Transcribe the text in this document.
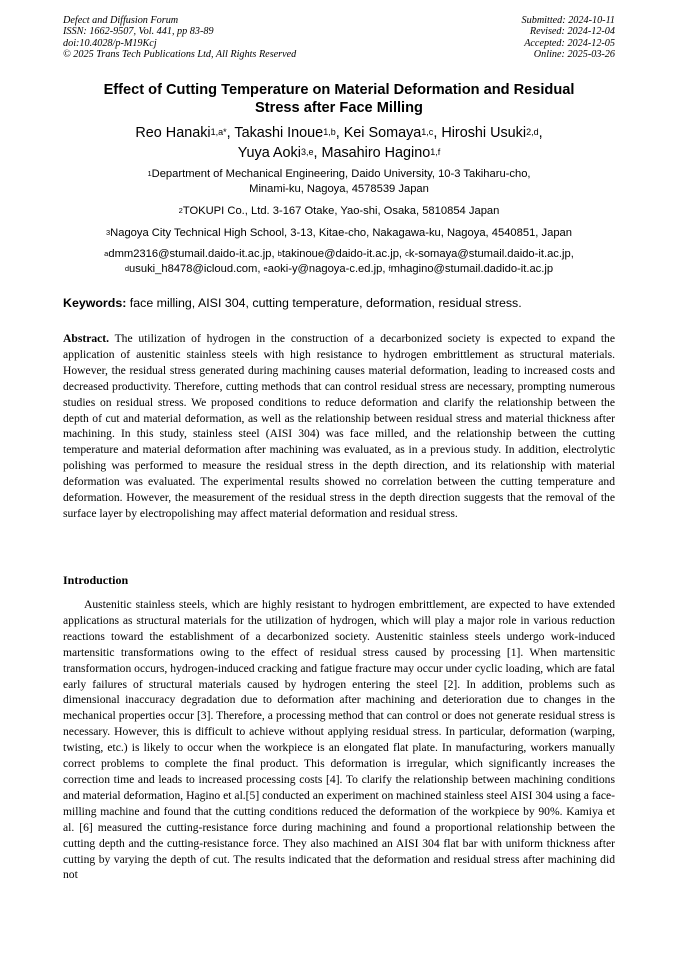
Defect and Diffusion Forum
ISSN: 1662-9507, Vol. 441, pp 83-89
doi:10.4028/p-M19Kcj
© 2025 Trans Tech Publications Ltd, All Rights Reserved
Submitted: 2024-10-11
Revised: 2024-12-04
Accepted: 2024-12-05
Online: 2025-03-26
Effect of Cutting Temperature on Material Deformation and Residual
Stress after Face Milling
Reo Hanaki$^{1,a*}$, Takashi Inoue$^{1,b}$, Kei Somaya$^{1,c}$, Hiroshi Usuki$^{2,d}$,
Yuya Aoki$^{3,e}$, Masahiro Hagino$^{1,f}$
$^1$Department of Mechanical Engineering, Daido University, 10-3 Takiharu-cho,
Minami-ku, Nagoya, 4578539 Japan
$^2$TOKUPI Co., Ltd. 3-167 Otake, Yao-shi, Osaka, 5810854 Japan
$^3$Nagoya City Technical High School, 3-13, Kitae-cho, Nakagawa-ku, Nagoya, 4540851, Japan
$^a$dmm2316@stumail.daido-it.ac.jp, $^b$takinoue@daido-it.ac.jp, $^c$k-somaya@stumail.daido-it.ac.jp,
$^d$usuki_h8478@icloud.com, $^e$aoki-y@nagoya-c.ed.jp, $^f$mhagino@stumail.dadido-it.ac.jp
Keywords: face milling, AISI 304, cutting temperature, deformation, residual stress.

Abstract. The utilization of hydrogen in the construction of a decarbonized society is expected to expand the application of austenitic stainless steels with high resistance to hydrogen embrittlement as structural materials. However, the residual stress generated during machining causes material deformation, leading to increased costs and decreased productivity. Therefore, cutting methods that can control residual stress are necessary, prompting numerous studies on residual stress. We proposed conditions to reduce deformation and clarify the relationship between the depth of cut and material deformation, as well as the relationship between residual stress and material thickness after machining. In this study, stainless steel (AISI 304) was face milled, and the relationship between the cutting temperature and material deformation after machining was evaluated, as in a previous study. In addition, electrolytic polishing was performed to measure the residual stress in the depth direction, and its relationship with material deformation was evaluated. The experimental results showed no correlation between the cutting temperature and deformation. However, the measurement of the residual stress in the depth direction suggests that the removal of the surface layer by electropolishing may affect material deformation and residual stress.

Introduction

Austenitic stainless steels, which are highly resistant to hydrogen embrittlement, are expected to have extended applications as structural materials for the utilization of hydrogen, which will play a major role in various reduction reactions toward the establishment of a decarbonized society. Austenitic stainless steels undergo work-induced martensitic transformations owing to the effect of residual stress caused by processing [1]. When martensitic transformation occurs, hydrogen-induced cracking and fatigue fracture may occur under cyclic loading, which are fatal early failures of structural materials caused by hydrogen entering the steel [2]. In addition, problems such as dimensional inaccuracy degradation due to deformation after machining and deterioration due to changes in the mechanical properties occur [3]. Therefore, a processing method that can control or does not generate residual stress is necessary. However, this is difficult to achieve without applying residual stress. In particular, deformation (warping, twisting, etc.) is likely to occur when the workpiece is an elongated flat plate. In manufacturing, workers manually correct problems to complete the final product. This deformation is irregular, which significantly increases the correction time and leads to increased processing costs [4]. To clarify the relationship between machining conditions and material deformation, Hagino et al.[5] conducted an experiment on machined stainless steel AISI 304 using a face-milling machine and found that the cutting conditions reduced the deformation of the workpiece by 90%. Kamiya et al. [6] measured the cutting-resistance force during machining and found a proportional relationship between the cutting depth and the cutting-resistance force. They also machined an AISI 304 flat bar with uniform thickness after cutting by varying the depth of cut. The results indicated that the deformation and residual stress after machining did not
